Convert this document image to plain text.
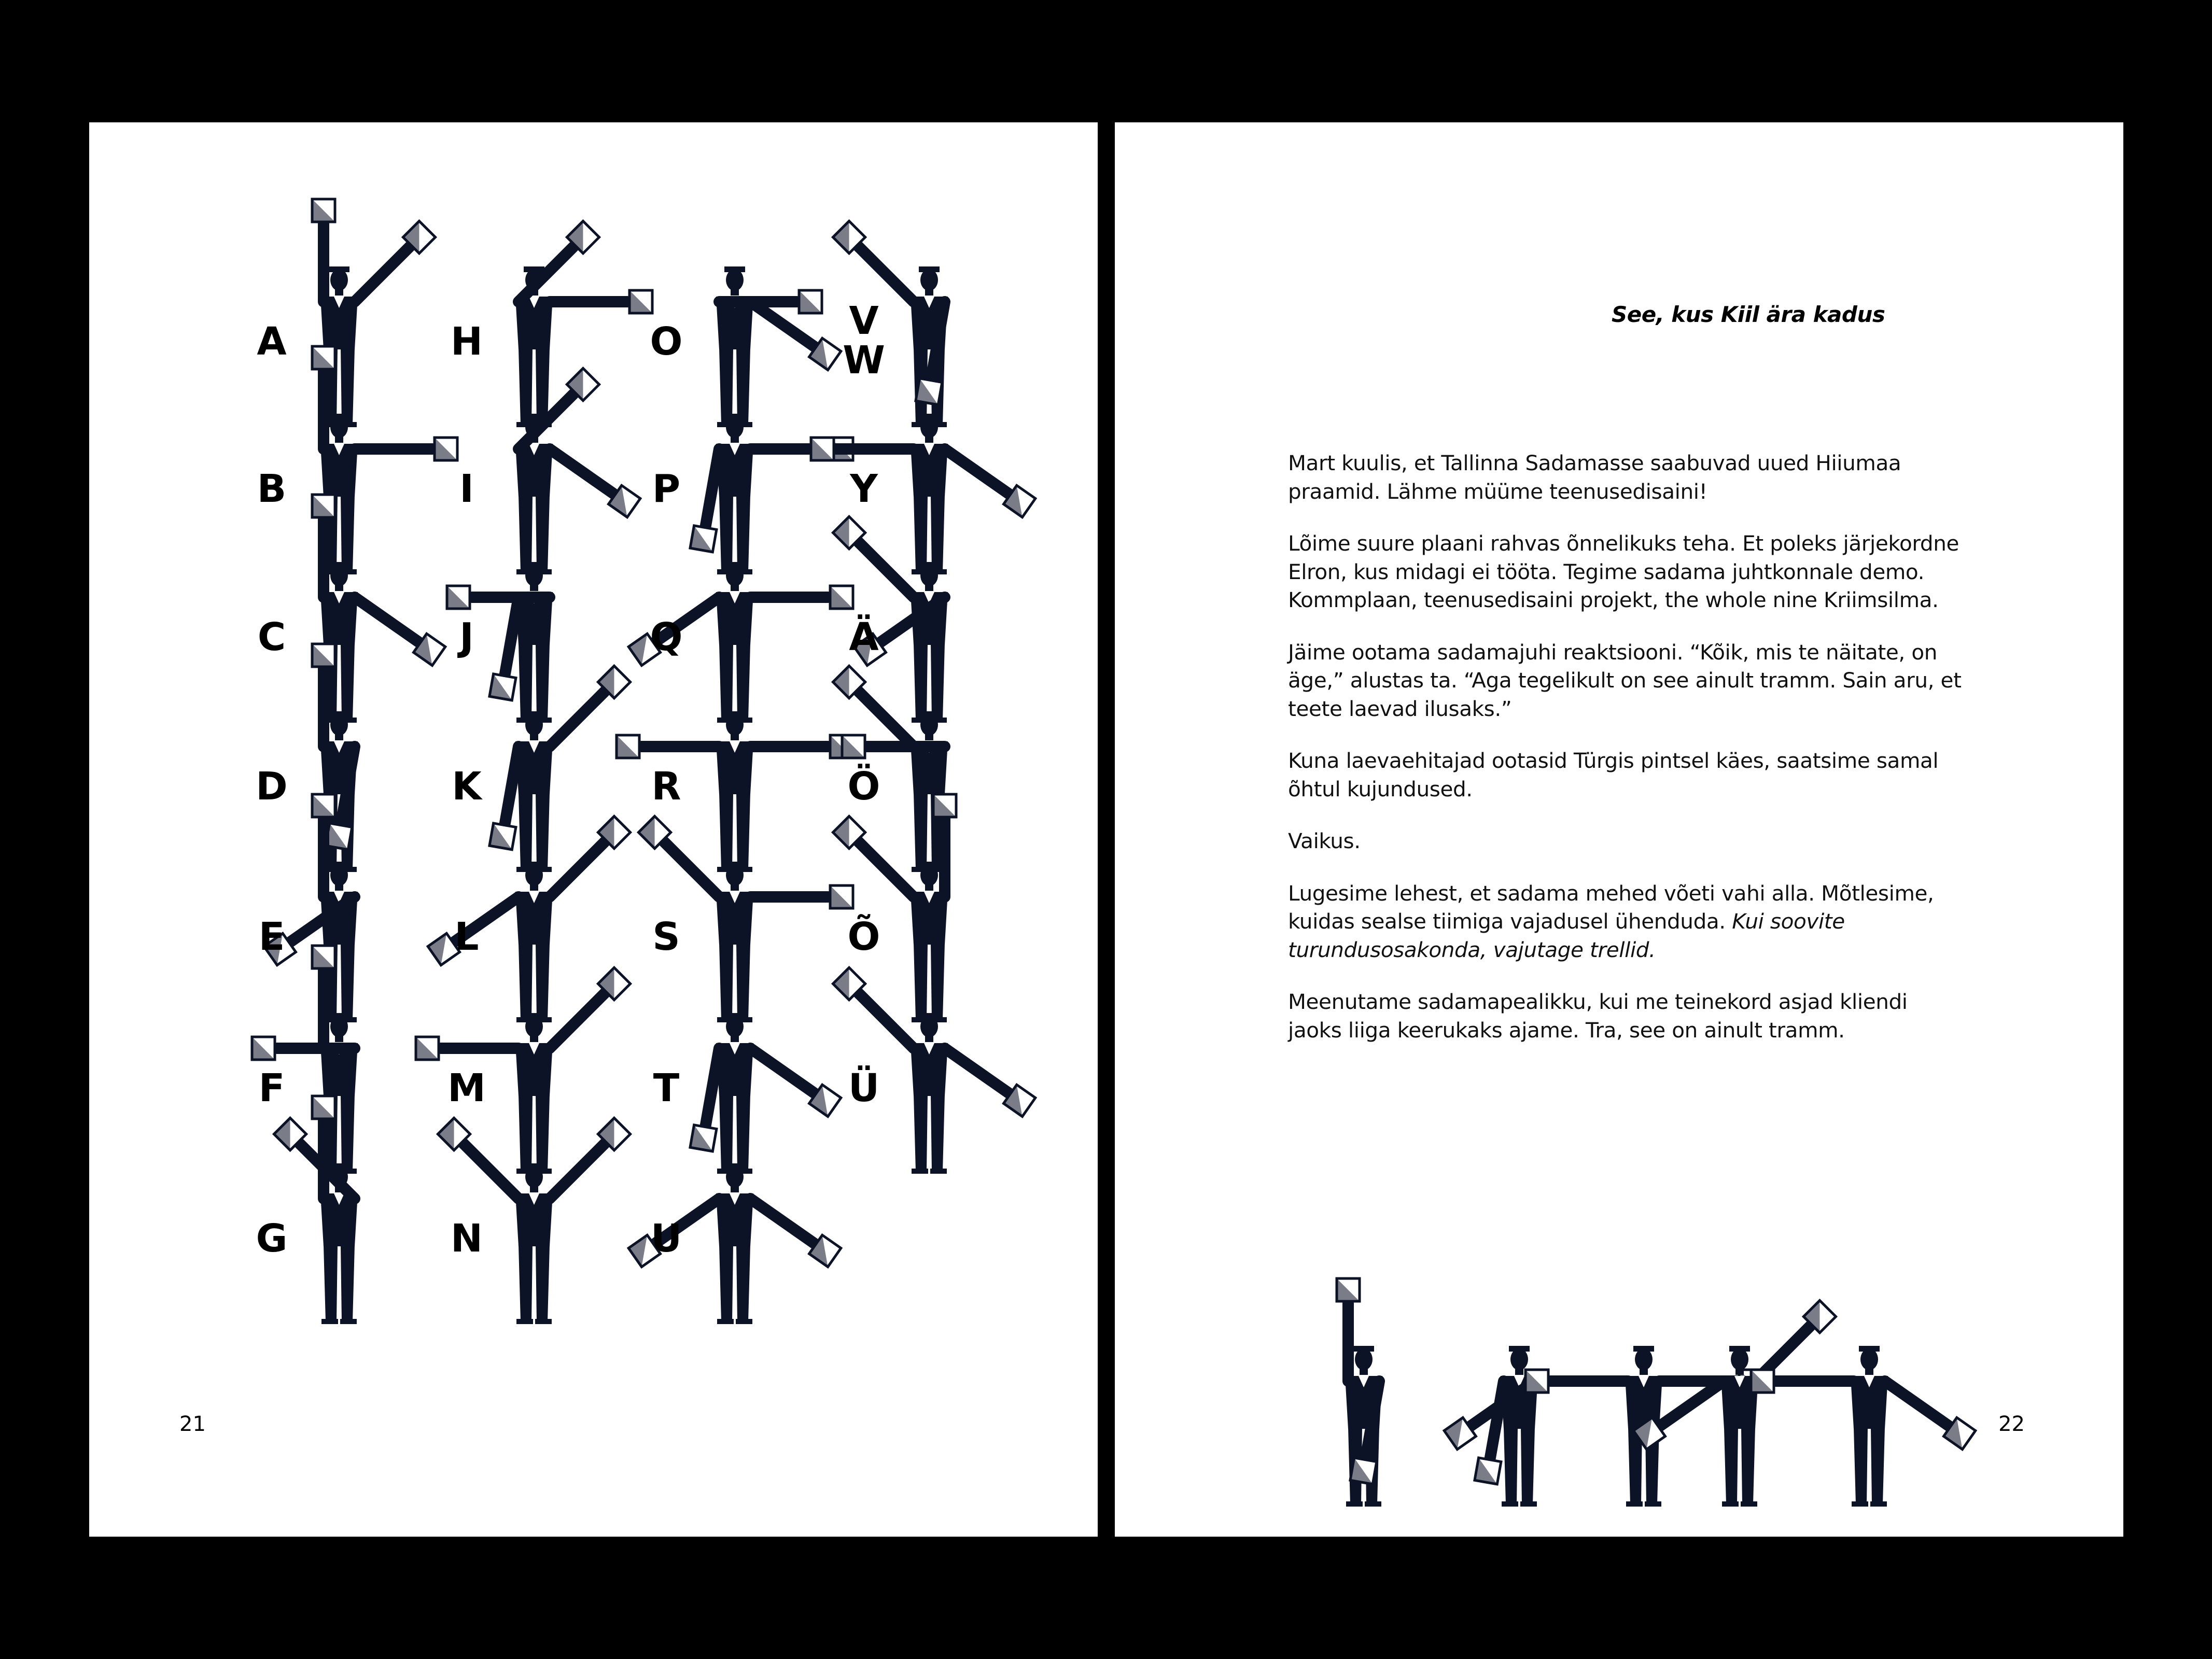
A
B
C
D
E
F
G
H
I
J
K
L
M
N
O
P
Q
R
S
T
U
V
W
Y
Ä
Ö
Õ
Ü
21
See, kus Kiil ära kadus

Mart kuulis, et Tallinna Sadamasse saabuvad uued Hiiumaa praamid. Lähme müüme teenusedisaini!

Lõime suure plaani rahvas õnnelikuks teha. Et poleks järjekordne Elron, kus midagi ei tööta. Tegime sadama juhtkonnale demo. Kommplaan, teenusedisaini projekt, the whole nine Kriimsilma.

Jäime ootama sadamajuhi reaktsiooni. “Kõik, mis te näitate, on äge,” alustas ta. “Aga tegelikult on see ainult tramm. Sain aru, et teete laevad ilusaks.”

Kuna laevaehitajad ootasid Türgis pintsel käes, saatsime samal õhtul kujundused.

Vaikus.

Lugesime lehest, et sadama mehed võeti vahi alla. Mõtlesime, kuidas sealse tiimiga vajadusel ühenduda. Kui soovite turundusosakonda, vajutage trellid.

Meenutame sadamapealikku, kui me teinekord asjad kliendi jaoks liiga keerukaks ajame. Tra, see on ainult tramm.

22
